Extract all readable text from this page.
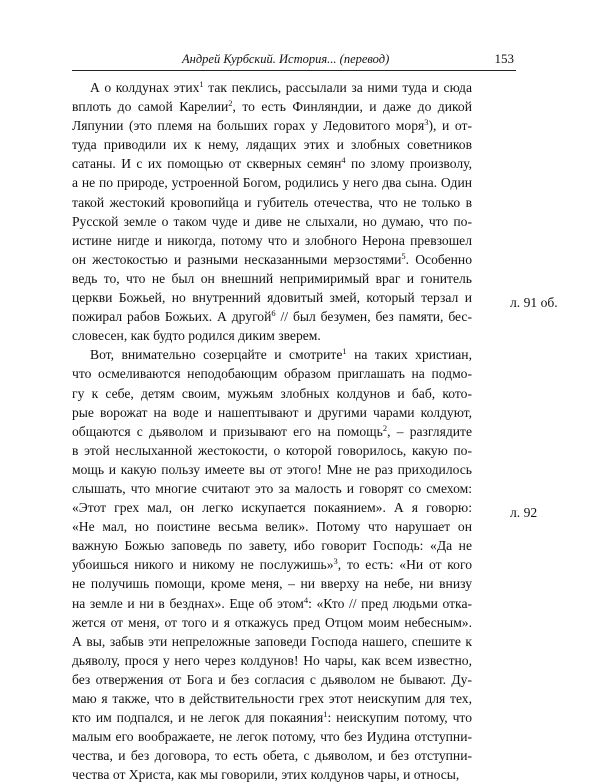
Андрей Курбский. История... (перевод)	153
А о колдунах этих$^1$ так пеклись, рассылали за ними туда и сюда
вплоть до самой Карелии$^2$, то есть Финляндии, и даже до дикой
Ляпунии (это племя на больших горах у Ледовитого моря$^3$), и от-
туда приводили их к нему, лядащих этих и злобных советников
сатаны. И с их помощью от скверных семян$^4$ по злому произволу,
а не по природе, устроенной Богом, родились у него два сына. Один
такой жестокий кровопийца и губитель отечества, что не только в
Русской земле о таком чуде и диве не слыхали, но думаю, что по-
истине нигде и никогда, потому что и злобного Нерона превзошел
он жестокостью и разными несказанными мерзостями$^5$. Особенно
ведь то, что не был он внешний непримиримый враг и гонитель
церкви Божьей, но внутренний ядовитый змей, который терзал и
пожирал рабов Божьих. А другой$^6$ // был безумен, без памяти, бес-
словесен, как будто родился диким зверем.
Вот, внимательно созерцайте и смотрите$^1$ на таких христиан,
что осмеливаются неподобающим образом приглашать на подмо-
гу к себе, детям своим, мужьям злобных колдунов и баб, кото-
рые ворожат на воде и нашептывают и другими чарами колдуют,
общаются с дьяволом и призывают его на помощь$^2$, – разглядите
в этой неслыханной жестокости, о которой говорилось, какую по-
мощь и какую пользу имеете вы от этого! Мне не раз приходилось
слышать, что многие считают это за малость и говорят со смехом:
«Этот грех мал, он легко искупается покаянием». А я говорю:
«Не мал, но поистине весьма велик». Потому что нарушает он
важную Божью заповедь по завету, ибо говорит Господь: «Да не
убоишься никого и никому не послужишь»$^3$, то есть: «Ни от кого
не получишь помощи, кроме меня, – ни вверху на небе, ни внизу
на земле и ни в безднах». Еще об этом$^4$: «Кто // пред людьми отка-
жется от меня, от того и я откажусь пред Отцом моим небесным».
А вы, забыв эти непреложные заповеди Господа нашего, спешите к
дьяволу, прося у него через колдунов! Но чары, как всем известно,
без отвержения от Бога и без согласия с дьяволом не бывают. Ду-
маю я также, что в действительности грех этот неискупим для тех,
кто им подпался, и не легок для покаяния$^1$: неискупим потому, что
малым его воображаете, не легок потому, что без Иудина отступни-
чества, и без договора, то есть обета, с дьяволом, и без отступни-
чества от Христа, как мы говорили, этих колдунов чары, и относы,
л. 91 об.
л. 92
